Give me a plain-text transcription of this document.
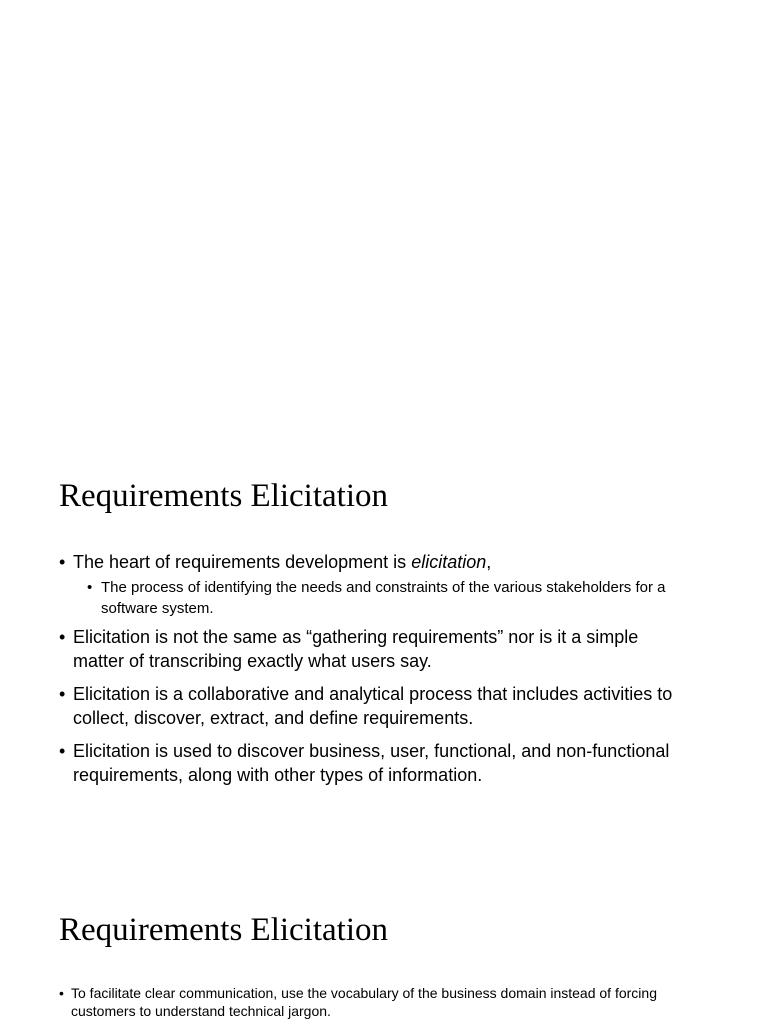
Requirements Elicitation
• The heart of requirements development is elicitation,
• The process of identifying the needs and constraints of the various stakeholders for a software system.
• Elicitation is not the same as “gathering requirements” nor is it a simple matter of transcribing exactly what users say.
• Elicitation is a collaborative and analytical process that includes activities to collect, discover, extract, and define requirements.
• Elicitation is used to discover business, user, functional, and non-functional requirements, along with other types of information.
Requirements Elicitation
• To facilitate clear communication, use the vocabulary of the business domain instead of forcing customers to understand technical jargon.
